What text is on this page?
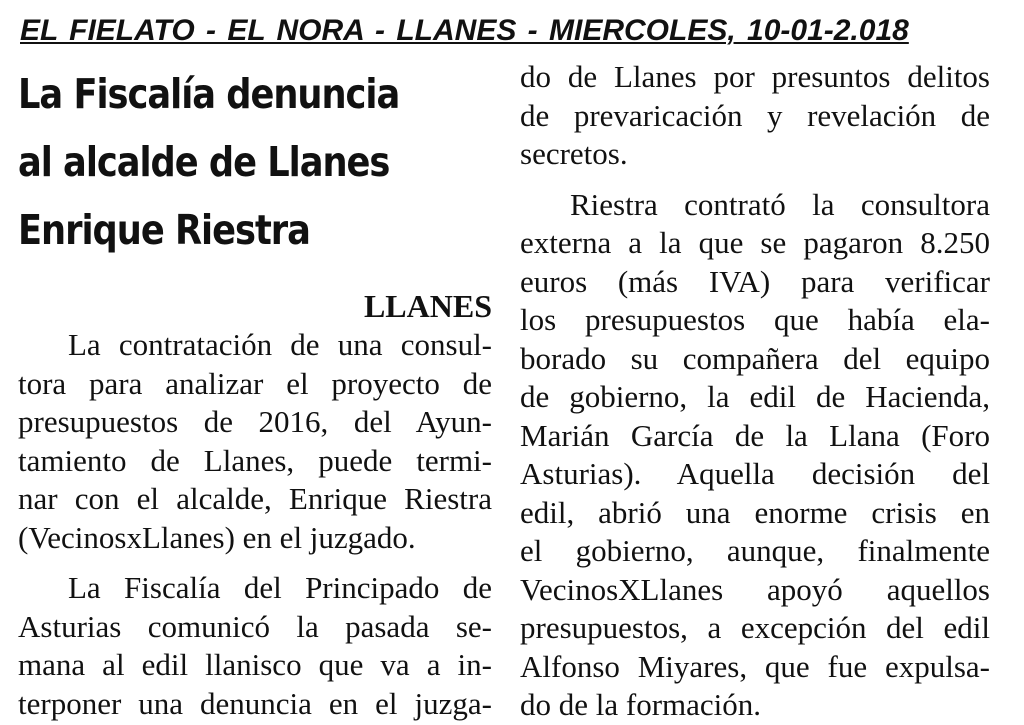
EL FIELATO - EL NORA - LLANES - MIERCOLES, 10-01-2.018
La Fiscalía denuncia
al alcalde de Llanes
Enrique Riestra
LLANES
La contratación de una consul-
tora para analizar el proyecto de
presupuestos de 2016, del Ayun-
tamiento de Llanes, puede termi-
nar con el alcalde, Enrique Riestra
(VecinosxLlanes) en el juzgado.
La Fiscalía del Principado de
Asturias comunicó la pasada se-
mana al edil llanisco que va a in-
terponer una denuncia en el juzga-
do de Llanes por presuntos delitos
de prevaricación y revelación de
secretos.
Riestra contrató la consultora
externa a la que se pagaron 8.250
euros (más IVA) para verificar
los presupuestos que había ela-
borado su compañera del equipo
de gobierno, la edil de Hacienda,
Marián García de la Llana (Foro
Asturias). Aquella decisión del
edil, abrió una enorme crisis en
el gobierno, aunque, finalmente
VecinosXLlanes apoyó aquellos
presupuestos, a excepción del edil
Alfonso Miyares, que fue expulsa-
do de la formación.
